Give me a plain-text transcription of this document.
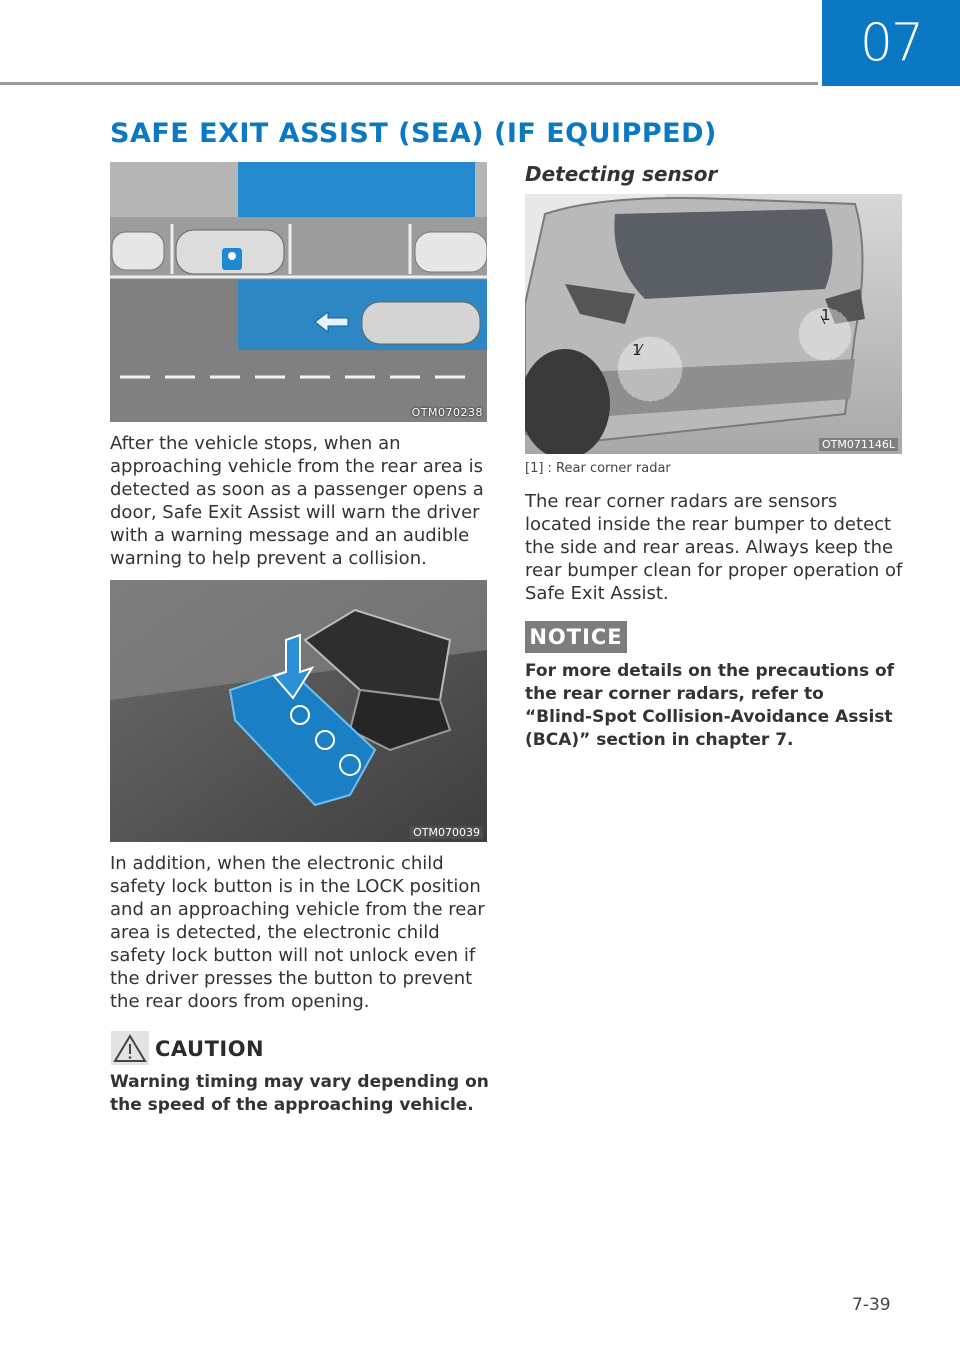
07
SAFE EXIT ASSIST (SEA) (IF EQUIPPED)
OTM070238

After the vehicle stops, when an approaching vehicle from the rear area is detected as soon as a passenger opens a door, Safe Exit Assist will warn the driver with a warning message and an audible warning to help prevent a collision.

OTM070039

In addition, when the electronic child safety lock button is in the LOCK position and an approaching vehicle from the rear area is detected, the electronic child safety lock button will not unlock even if the driver presses the button to prevent the rear doors from opening.

CAUTION

Warning timing may vary depending on the speed of the approaching vehicle.

Detecting sensor
1
1
OTM071146L

[1] : Rear corner radar

The rear corner radars are sensors located inside the rear bumper to detect the side and rear areas. Always keep the rear bumper clean for proper operation of Safe Exit Assist.

NOTICE

For more details on the precautions of the rear corner radars, refer to “Blind-Spot Collision-Avoidance Assist (BCA)” section in chapter 7.

7-39
